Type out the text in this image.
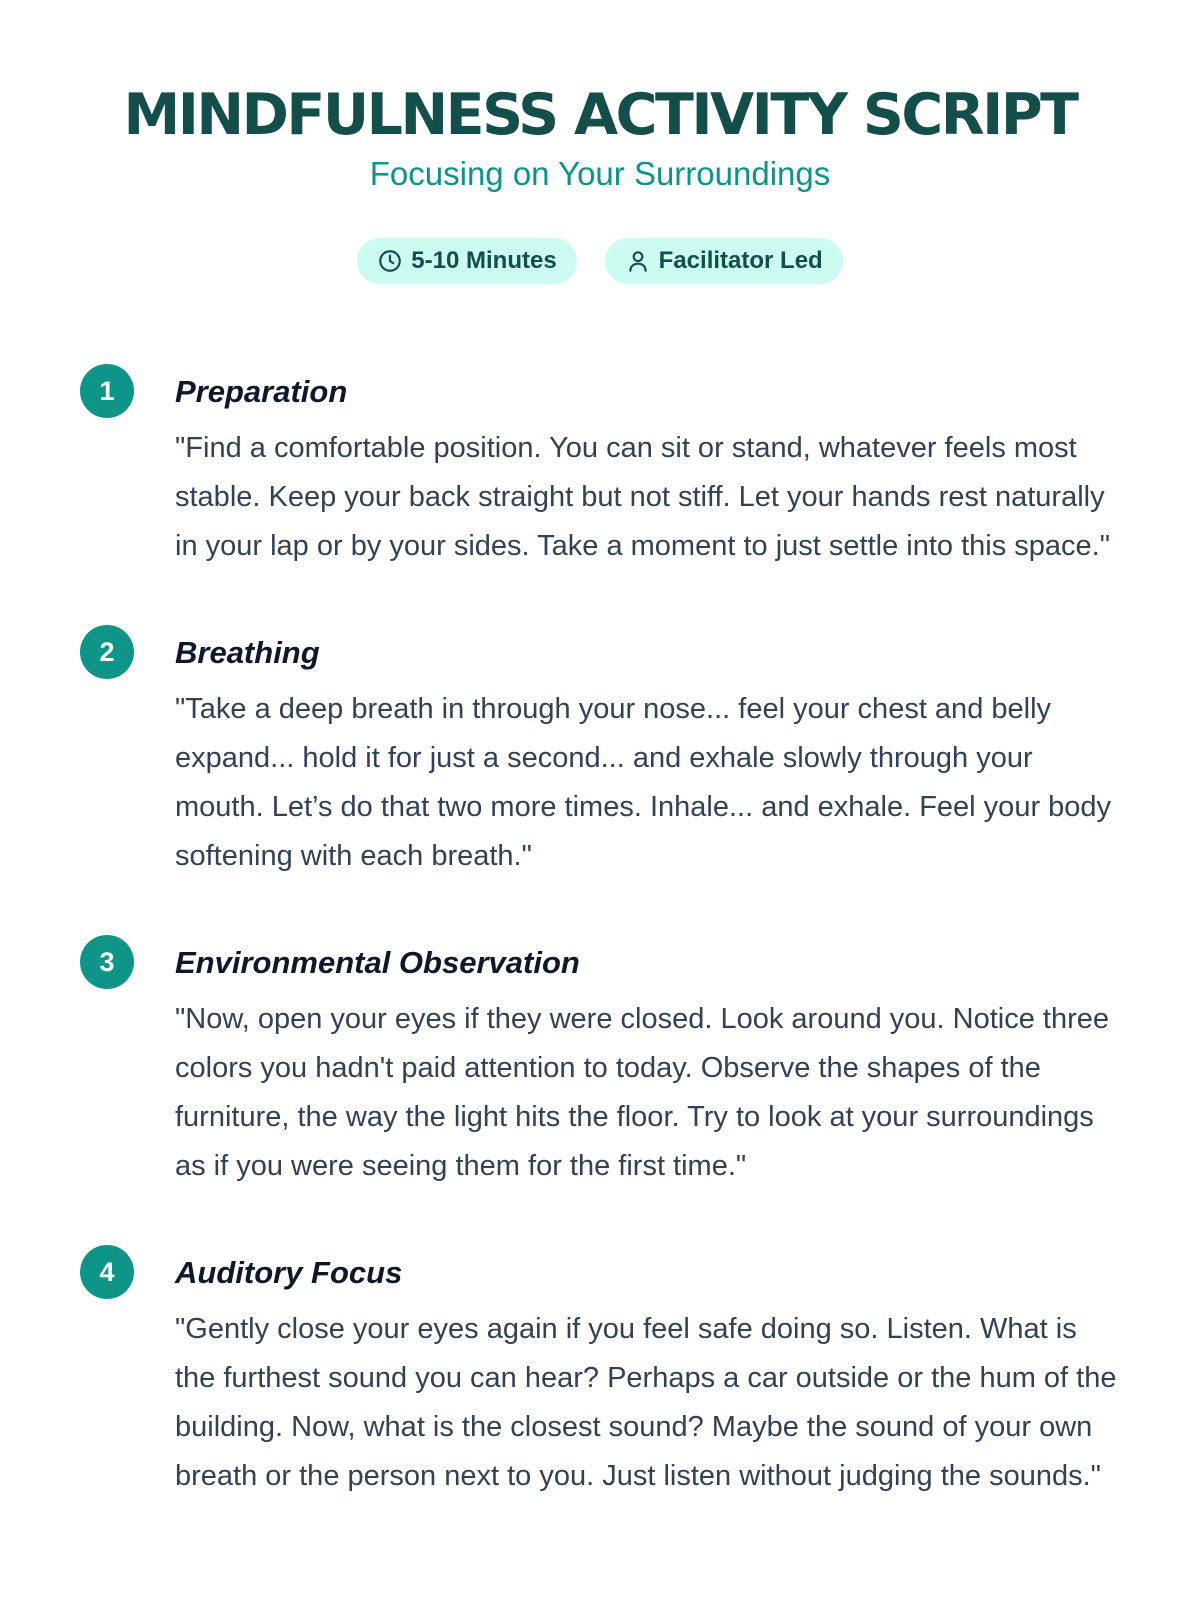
MINDFULNESS ACTIVITY SCRIPT

Focusing on Your Surroundings

5-10 Minutes	Facilitator Led
1	Preparation

"Find a comfortable position. You can sit or stand, whatever feels most stable. Keep your back straight but not stiff. Let your hands rest naturally in your lap or by your sides. Take a moment to just settle into this space."

2	Breathing

"Take a deep breath in through your nose... feel your chest and belly expand... hold it for just a second... and exhale slowly through your mouth. Let’s do that two more times. Inhale... and exhale. Feel your body softening with each breath."

3	Environmental Observation

"Now, open your eyes if they were closed. Look around you. Notice three colors you hadn't paid attention to today. Observe the shapes of the furniture, the way the light hits the floor. Try to look at your surroundings as if you were seeing them for the first time."

4	Auditory Focus

"Gently close your eyes again if you feel safe doing so. Listen. What is the furthest sound you can hear? Perhaps a car outside or the hum of the building. Now, what is the closest sound? Maybe the sound of your own breath or the person next to you. Just listen without judging the sounds."
